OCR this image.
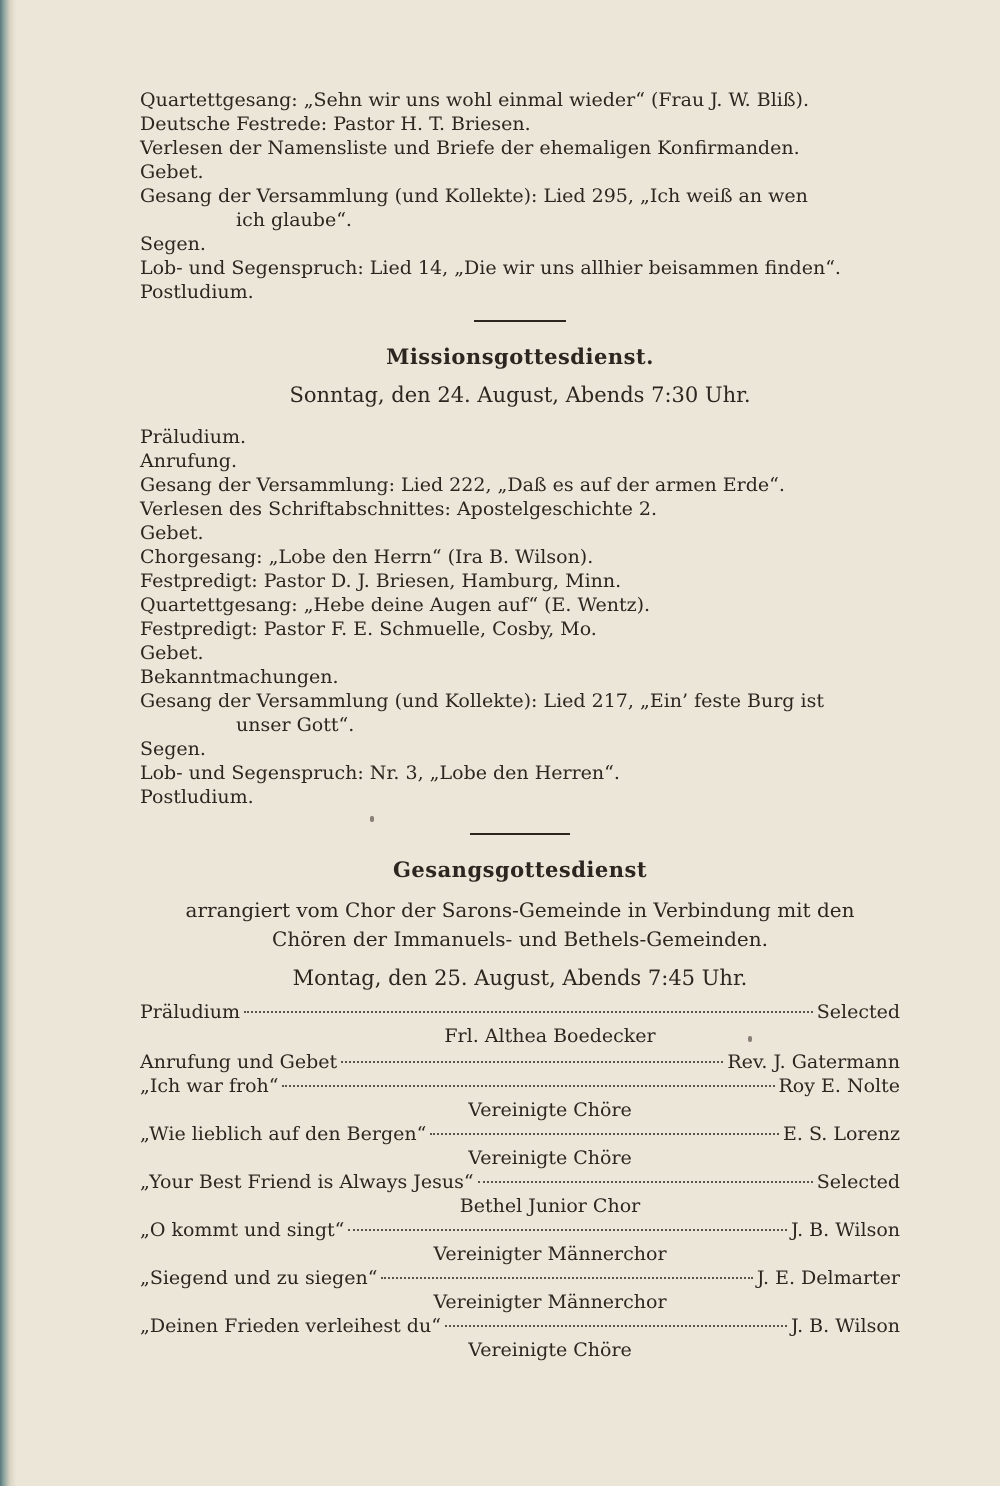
Quartettgesang: „Sehn wir uns wohl einmal wieder“ (Frau J. W. Bliß).
Deutsche Festrede: Pastor H. T. Briesen.
Verlesen der Namensliste und Briefe der ehemaligen Konfirmanden.
Gebet.
Gesang der Versammlung (und Kollekte): Lied 295, „Ich weiß an wen
ich glaube“.
Segen.
Lob- und Segenspruch: Lied 14, „Die wir uns allhier beisammen finden“.
Postludium.
Missionsgottesdienst.
Sonntag, den 24. August, Abends 7:30 Uhr.
Präludium.
Anrufung.
Gesang der Versammlung: Lied 222, „Daß es auf der armen Erde“.
Verlesen des Schriftabschnittes: Apostelgeschichte 2.
Gebet.
Chorgesang: „Lobe den Herrn“ (Ira B. Wilson).
Festpredigt: Pastor D. J. Briesen, Hamburg, Minn.
Quartettgesang: „Hebe deine Augen auf“ (E. Wentz).
Festpredigt: Pastor F. E. Schmuelle, Cosby, Mo.
Gebet.
Bekanntmachungen.
Gesang der Versammlung (und Kollekte): Lied 217, „Ein’ feste Burg ist
unser Gott“.
Segen.
Lob- und Segenspruch: Nr. 3, „Lobe den Herren“.
Postludium.
Gesangsgottesdienst
arrangiert vom Chor der Sarons-Gemeinde in Verbindung mit den
Chören der Immanuels- und Bethels-Gemeinden.
Montag, den 25. August, Abends 7:45 Uhr.
Präludium	Selected
Frl. Althea Boedecker
Anrufung und Gebet	Rev. J. Gatermann
„Ich war froh“	Roy E. Nolte
Vereinigte Chöre
„Wie lieblich auf den Bergen“	E. S. Lorenz
Vereinigte Chöre
„Your Best Friend is Always Jesus“	Selected
Bethel Junior Chor
„O kommt und singt“	J. B. Wilson
Vereinigter Männerchor
„Siegend und zu siegen“	J. E. Delmarter
Vereinigter Männerchor
„Deinen Frieden verleihest du“	J. B. Wilson
Vereinigte Chöre
